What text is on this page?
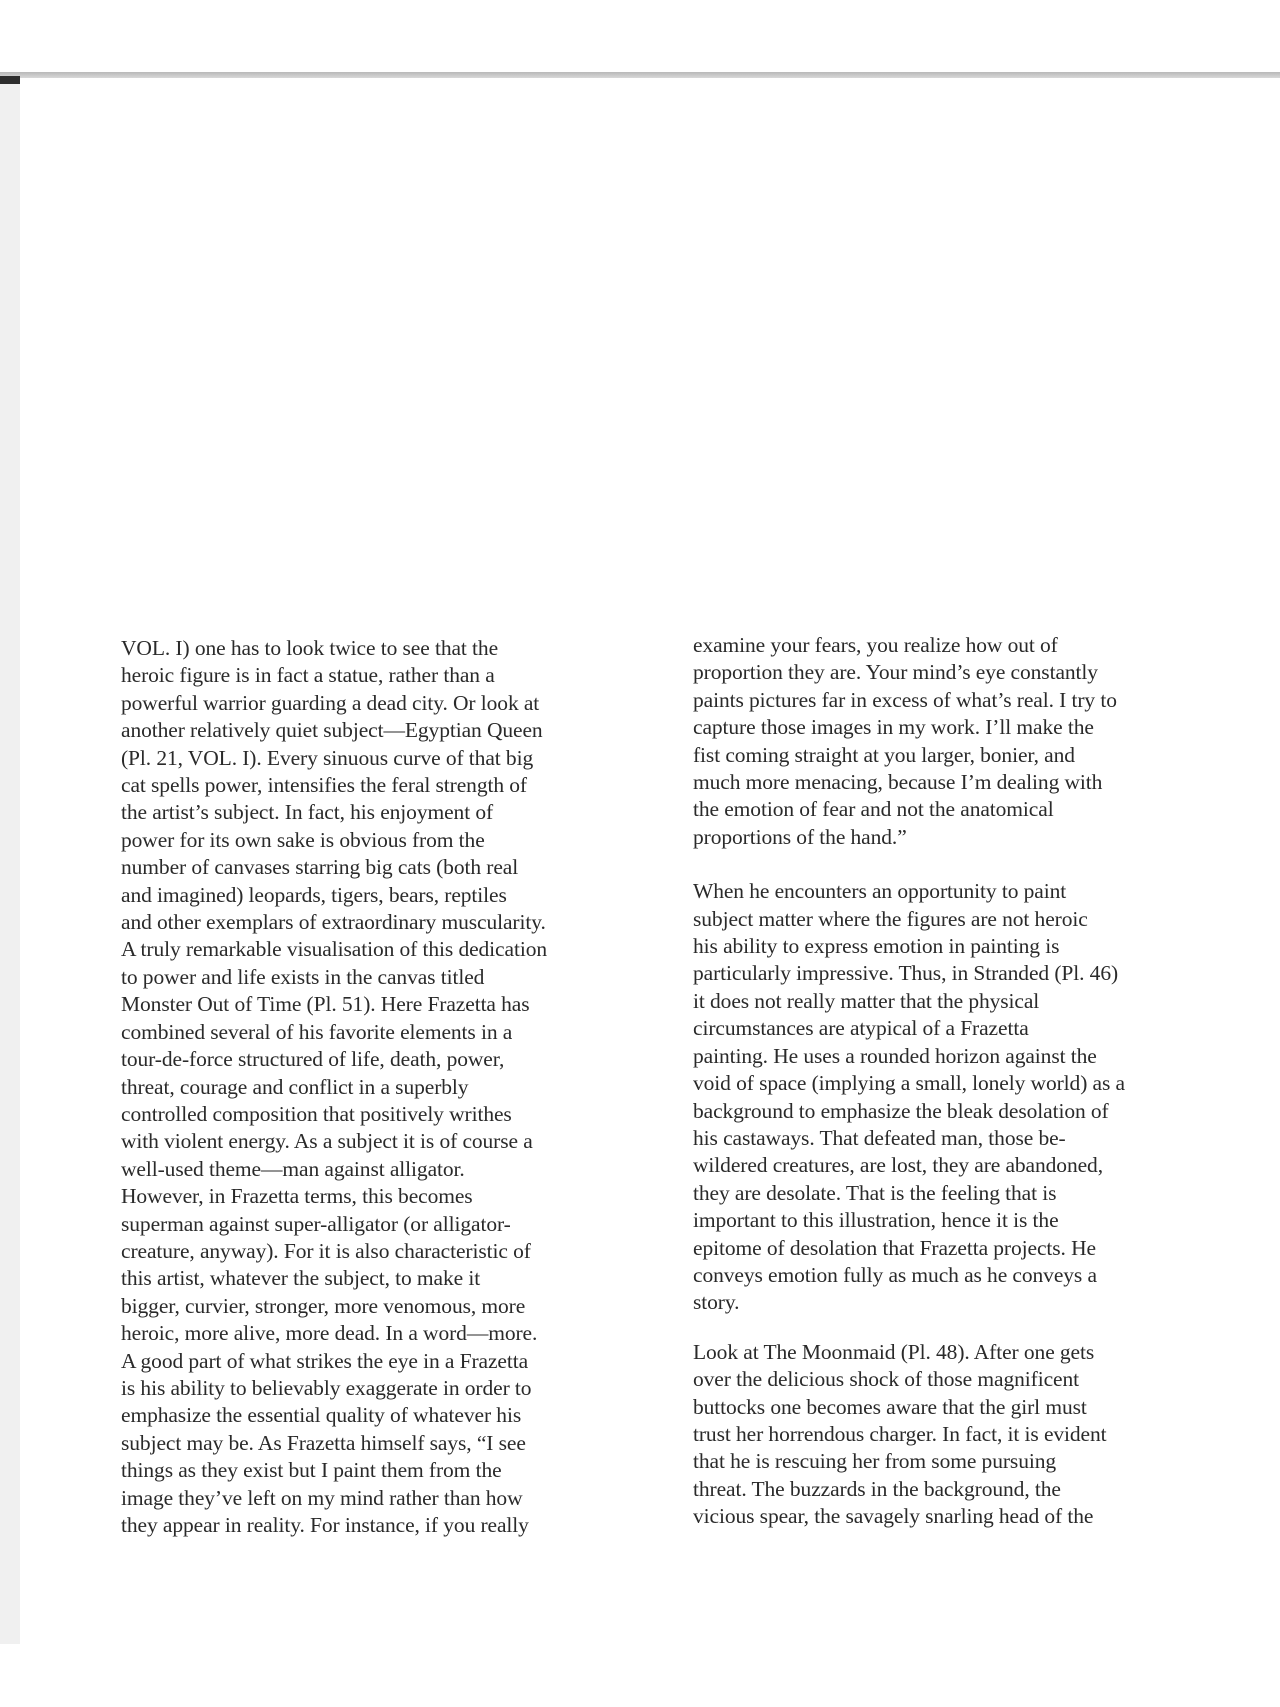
VOL. I) one has to look twice to see that the
heroic figure is in fact a statue, rather than a
powerful warrior guarding a dead city. Or look at
another relatively quiet subject—Egyptian Queen
(Pl. 21, VOL. I). Every sinuous curve of that big
cat spells power, intensifies the feral strength of
the artist’s subject. In fact, his enjoyment of
power for its own sake is obvious from the
number of canvases starring big cats (both real
and imagined) leopards, tigers, bears, reptiles
and other exemplars of extraordinary muscularity.
A truly remarkable visualisation of this dedication
to power and life exists in the canvas titled
Monster Out of Time (Pl. 51). Here Frazetta has
combined several of his favorite elements in a
tour-de-force structured of life, death, power,
threat, courage and conflict in a superbly
controlled composition that positively writhes
with violent energy. As a subject it is of course a
well-used theme—man against alligator.
However, in Frazetta terms, this becomes
superman against super-alligator (or alligator-
creature, anyway). For it is also characteristic of
this artist, whatever the subject, to make it
bigger, curvier, stronger, more venomous, more
heroic, more alive, more dead. In a word—more.
A good part of what strikes the eye in a Frazetta
is his ability to believably exaggerate in order to
emphasize the essential quality of whatever his
subject may be. As Frazetta himself says, “I see
things as they exist but I paint them from the
image they’ve left on my mind rather than how
they appear in reality. For instance, if you really
examine your fears, you realize how out of
proportion they are. Your mind’s eye constantly
paints pictures far in excess of what’s real. I try to
capture those images in my work. I’ll make the
fist coming straight at you larger, bonier, and
much more menacing, because I’m dealing with
the emotion of fear and not the anatomical
proportions of the hand.”
When he encounters an opportunity to paint
subject matter where the figures are not heroic
his ability to express emotion in painting is
particularly impressive. Thus, in Stranded (Pl. 46)
it does not really matter that the physical
circumstances are atypical of a Frazetta
painting. He uses a rounded horizon against the
void of space (implying a small, lonely world) as a
background to emphasize the bleak desolation of
his castaways. That defeated man, those be-
wildered creatures, are lost, they are abandoned,
they are desolate. That is the feeling that is
important to this illustration, hence it is the
epitome of desolation that Frazetta projects. He
conveys emotion fully as much as he conveys a
story.
Look at The Moonmaid (Pl. 48). After one gets
over the delicious shock of those magnificent
buttocks one becomes aware that the girl must
trust her horrendous charger. In fact, it is evident
that he is rescuing her from some pursuing
threat. The buzzards in the background, the
vicious spear, the savagely snarling head of the
